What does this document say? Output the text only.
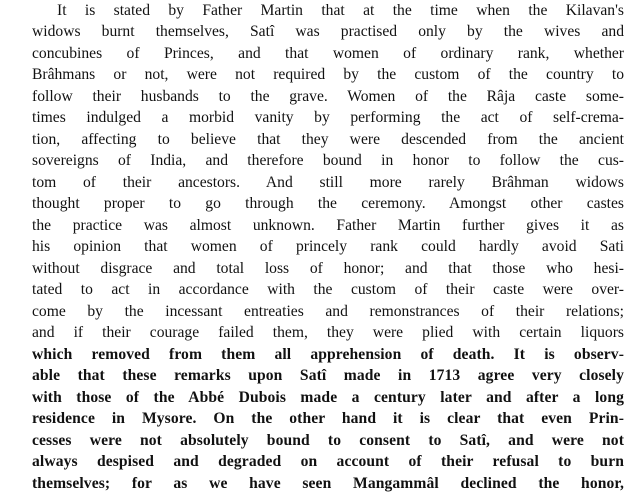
It is stated by Father Martin that at the time when the Kilavan's
widows burnt themselves, Satî was practised only by the wives and
concubines of Princes, and that women of ordinary rank, whether
Brâhmans or not, were not required by the custom of the country to
follow their husbands to the grave. Women of the Râja caste some-
times indulged a morbid vanity by performing the act of self-crema-
tion, affecting to believe that they were descended from the ancient
sovereigns of India, and therefore bound in honor to follow the cus-
tom of their ancestors. And still more rarely Brâhman widows
thought proper to go through the ceremony. Amongst other castes
the practice was almost unknown. Father Martin further gives it as
his opinion that women of princely rank could hardly avoid Sati
without disgrace and total loss of honor; and that those who hesi-
tated to act in accordance with the custom of their caste were over-
come by the incessant entreaties and remonstrances of their relations;
and if their courage failed them, they were plied with certain liquors
which removed from them all apprehension of death. It is observ-
able that these remarks upon Satî made in 1713 agree very closely
with those of the Abbé Dubois made a century later and after a long
residence in Mysore. On the other hand it is clear that even Prin-
cesses were not absolutely bound to consent to Satî, and were not
always despised and degraded on account of their refusal to burn
themselves; for as we have seen Mangammâl declined the honor,
